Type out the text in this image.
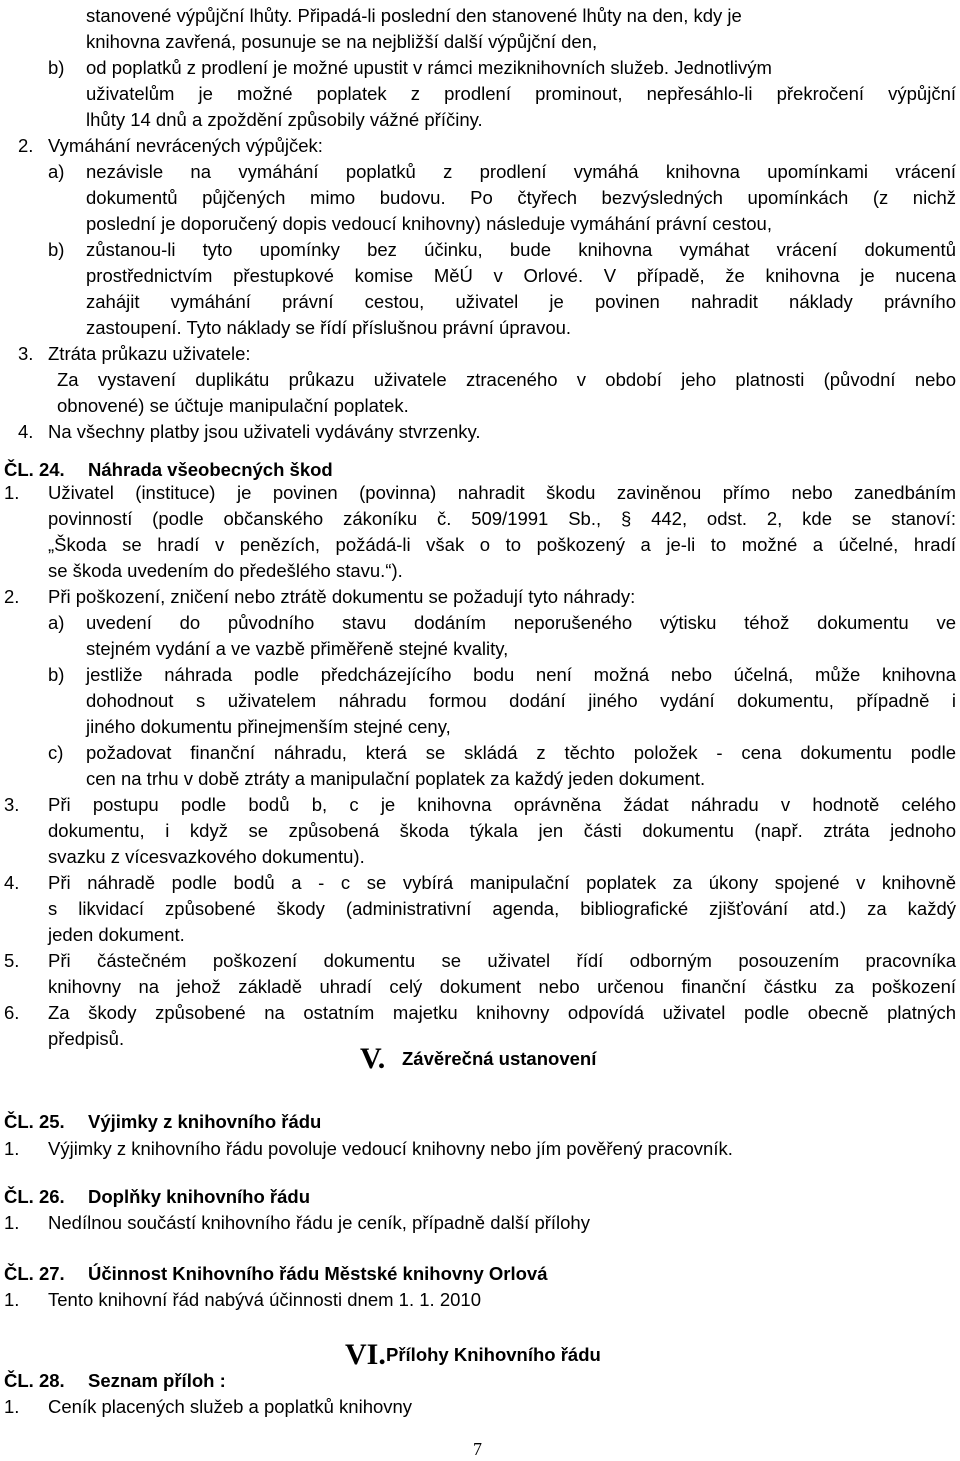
stanovené výpůjční lhůty. Připadá-li poslední den stanovené lhůty na den, kdy je
knihovna zavřená, posunuje se na nejbližší další výpůjční den,
b) od poplatků z prodlení je možné upustit v rámci meziknihovních služeb. Jednotlivým
uživatelům je možné poplatek z prodlení prominout, nepřesáhlo-li překročení výpůjční
lhůty 14 dnů a zpoždění způsobily vážné příčiny.
2. Vymáhání nevrácených výpůjček:
a) nezávisle na vymáhání poplatků z prodlení vymáhá knihovna upomínkami vrácení
dokumentů půjčených mimo budovu. Po čtyřech bezvýsledných upomínkách (z nichž
poslední je doporučený dopis vedoucí knihovny) následuje vymáhání právní cestou,
b) zůstanou-li tyto upomínky bez účinku, bude knihovna vymáhat vrácení dokumentů
prostřednictvím přestupkové komise MěÚ v Orlové. V případě, že knihovna je nucena
zahájit vymáhání právní cestou, uživatel je povinen nahradit náklady právního
zastoupení. Tyto náklady se řídí příslušnou právní úpravou.
3. Ztráta průkazu uživatele:
Za vystavení duplikátu průkazu uživatele ztraceného v období jeho platnosti (původní nebo
obnovené) se účtuje manipulační poplatek.
4. Na všechny platby jsou uživateli vydávány stvrzenky.
1. Uživatel (instituce) je povinen (povinna) nahradit škodu zaviněnou přímo nebo zanedbáním
povinností (podle občanského zákoníku č. 509/1991 Sb., § 442, odst. 2, kde se stanoví:
„Škoda se hradí v penězích, požádá-li však o to poškozený a je-li to možné a účelné, hradí
se škoda uvedením do předešlého stavu.“).
2. Při poškození, zničení nebo ztrátě dokumentu se požadují tyto náhrady:
a) uvedení do původního stavu dodáním neporušeného výtisku téhož dokumentu ve
stejném vydání a ve vazbě přiměřeně stejné kvality,
b) jestliže náhrada podle předcházejícího bodu není možná nebo účelná, může knihovna
dohodnout s uživatelem náhradu formou dodání jiného vydání dokumentu, případně i
jiného dokumentu přinejmenším stejné ceny,
c) požadovat finanční náhradu, která se skládá z těchto položek - cena dokumentu podle
cen na trhu v době ztráty a manipulační poplatek za každý jeden dokument.
3. Při postupu podle bodů b, c je knihovna oprávněna žádat náhradu v hodnotě celého
dokumentu, i když se způsobená škoda týkala jen části dokumentu (např. ztráta jednoho
svazku z vícesvazkového dokumentu).
4. Při náhradě podle bodů a - c se vybírá manipulační poplatek za úkony spojené v knihovně
s likvidací způsobené škody (administrativní agenda, bibliografické zjišťování atd.) za každý
jeden dokument.
5. Při částečném poškození dokumentu se uživatel řídí odborným posouzením pracovníka
knihovny na jehož základě uhradí celý dokument nebo určenou finanční částku za poškození
6. Za škody způsobené na ostatním majetku knihovny odpovídá uživatel podle obecně platných
předpisů.
1. Výjimky z knihovního řádu povoluje vedoucí knihovny nebo jím pověřený pracovník.
1. Nedílnou součástí knihovního řádu je ceník, případně další přílohy
1. Tento knihovní řád nabývá účinnosti dnem 1. 1. 2010
1. Ceník placených služeb a poplatků knihovny
ČL. 24. Náhrada všeobecných škod
ČL. 25. Výjimky z knihovního řádu
ČL. 26. Doplňky knihovního řádu
ČL. 27. Účinnost Knihovního řádu Městské knihovny Orlová
ČL. 28. Seznam příloh :
V. Závěrečná ustanovení
VI. Přílohy Knihovního řádu
7
